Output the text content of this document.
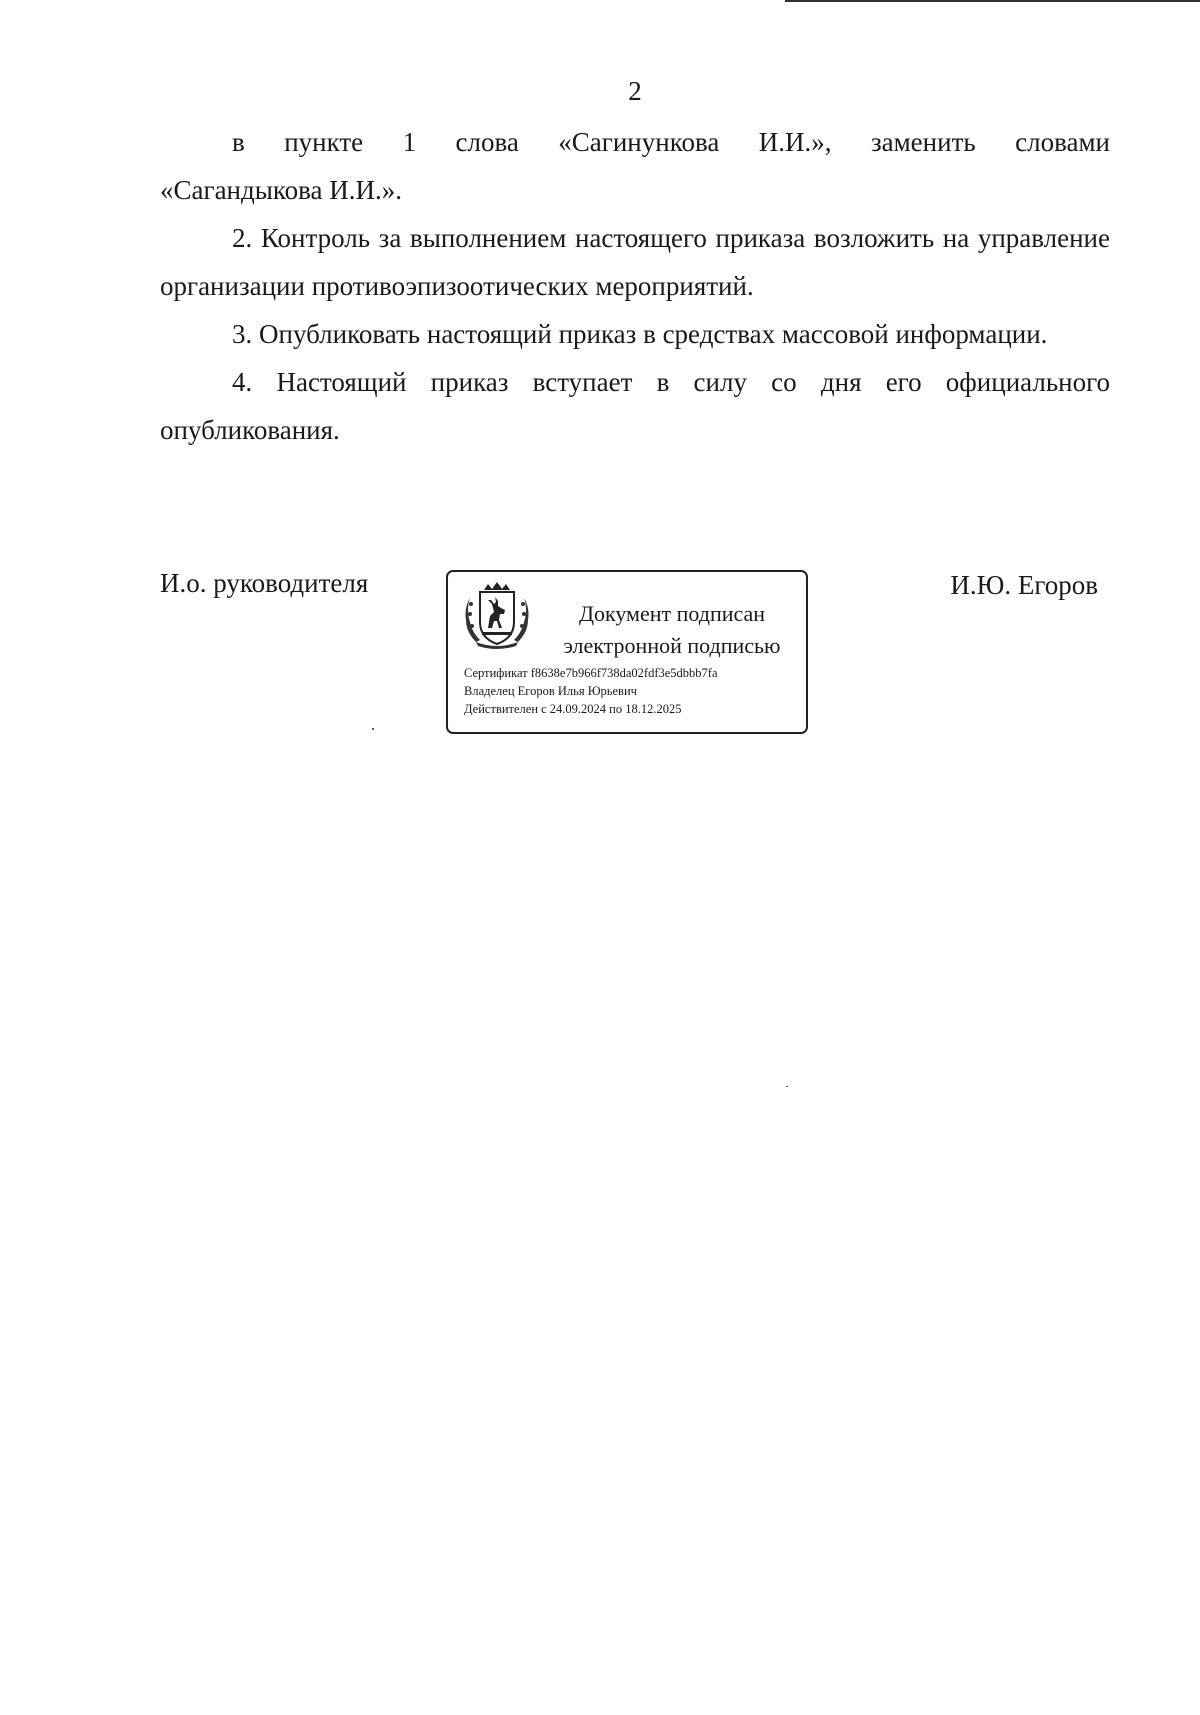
2

в пункте 1 слова «Сагинункова И.И.», заменить словами

«Сагандыкова И.И.».

2. Контроль за выполнением настоящего приказа возложить на управление организации противоэпизоотических мероприятий.

3. Опубликовать настоящий приказ в средствах массовой информации.

4. Настоящий приказ вступает в силу со дня его официального опубликования.

И.о. руководителя
Документ подписан
электронной подписью
Сертификат f8638e7b966f738da02fdf3e5dbbb7fa
Владелец Егоров Илья Юрьевич
Действителен с 24.09.2024 по 18.12.2025
И.Ю. Егоров
